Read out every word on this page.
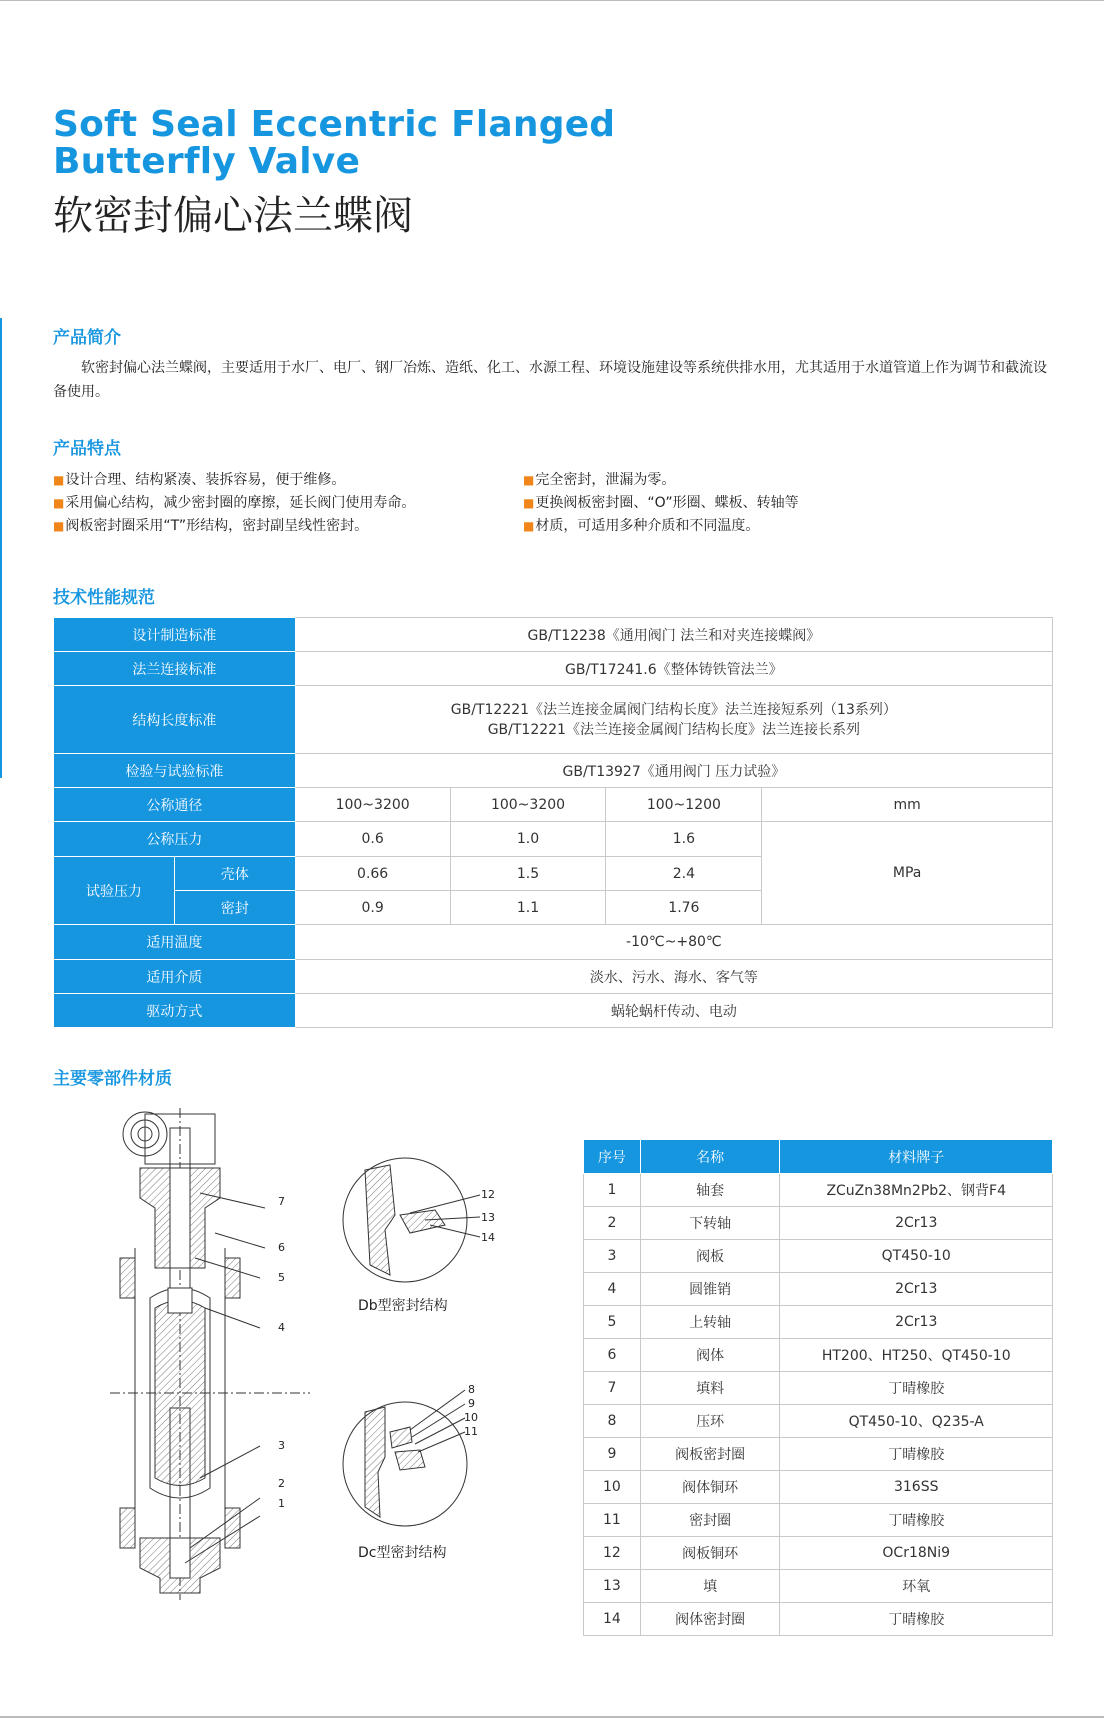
Soft Seal Eccentric Flanged
Butterfly Valve
软密封偏心法兰蝶阀
产品简介
软密封偏心法兰蝶阀，主要适用于水厂、电厂、钢厂冶炼、造纸、化工、水源工程、环境设施建设等系统供排水用，尤其适用于水道管道上作为调节和截流设备使用。
产品特点
■设计合理、结构紧凑、装拆容易，便于维修。
■采用偏心结构，减少密封圈的摩擦，延长阀门使用寿命。
■阀板密封圈采用“T”形结构，密封副呈线性密封。
■完全密封，泄漏为零。
■更换阀板密封圈、“O”形圈、蝶板、转轴等
■材质，可适用多种介质和不同温度。
技术性能规范
设计制造标准		GB/T12238《通用阀门 法兰和对夹连接蝶阀》			
法兰连接标准		GB/T17241.6《整体铸铁管法兰》			
结构长度标准		GB/T12221《法兰连接金属阀门结构长度》法兰连接短系列（13系列）
GB/T12221《法兰连接金属阀门结构长度》法兰连接长系列			

检验与试验标准		GB/T13927《通用阀门 压力试验》			
公称通径		100~3200	100~3200	100~1200	mm
公称压力		0.6	1.0	1.6	MPa
试验压力	壳体	0.66	1.5	2.4	
	密封	0.9	1.1	1.76	
适用温度		-10℃~+80℃			
适用介质		淡水、污水、海水、客气等			
驱动方式		蜗轮蜗杆传动、电动			
主要零部件材质
7
6
5
4
3
2
1
12
13
14
Db型密封结构
8
9
10
11
Dc型密封结构
序号	名称	材料牌子
1	轴套	ZCuZn38Mn2Pb2、钢背F4
2	下转轴	2Cr13
3	阀板	QT450-10
4	圆锥销	2Cr13
5	上转轴	2Cr13
6	阀体	HT200、HT250、QT450-10
7	填料	丁晴橡胶
8	压环	QT450-10、Q235-A
9	阀板密封圈	丁晴橡胶
10	阀体铜环	316SS
11	密封圈	丁晴橡胶
12	阀板铜环	OCr18Ni9
13	填	环氧
14	阀体密封圈	丁晴橡胶
